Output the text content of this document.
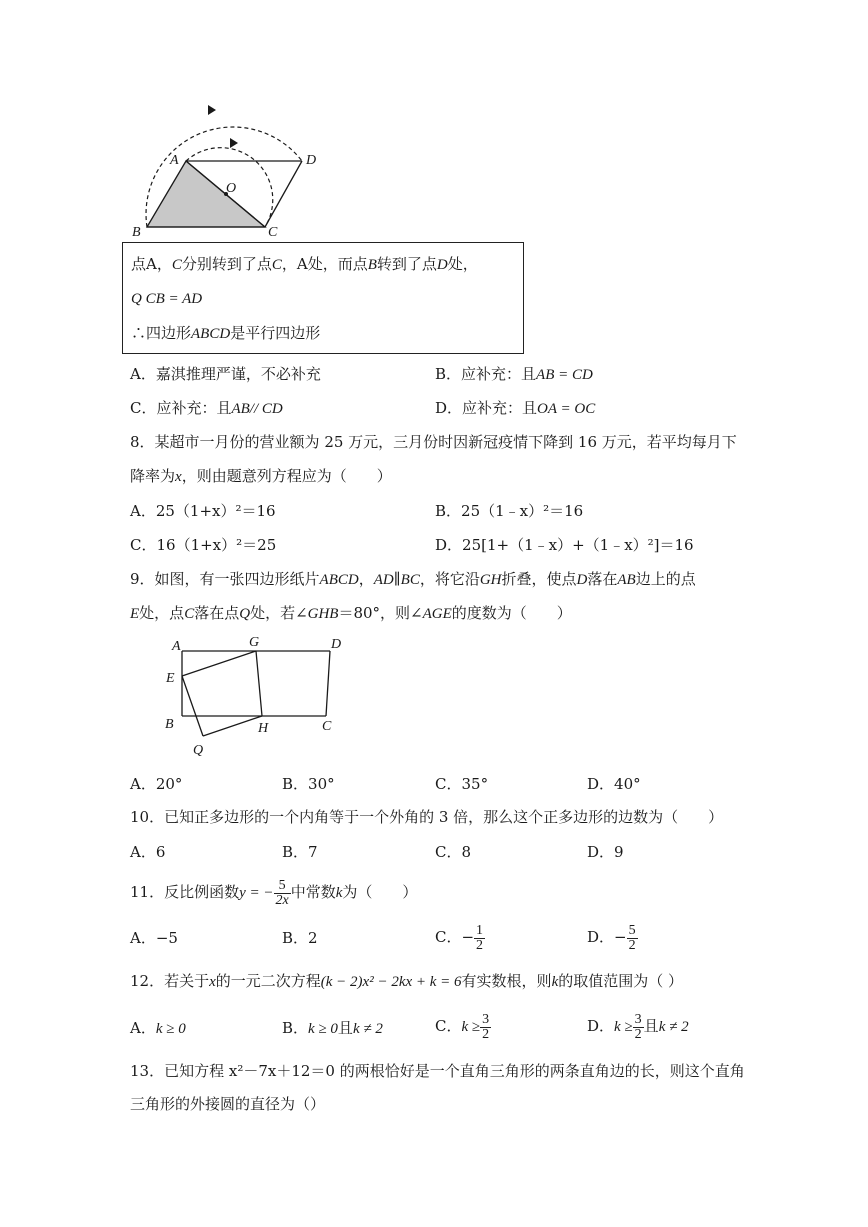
A
O
D
B	C
点A，C分别转到了点C，A处，而点B转到了点D处，
Q CB = AD
∴四边形ABCD是平行四边形
A．嘉淇推理严谨，不必补充	B．应补充：且AB = CD
C．应补充：且AB// CD	D．应补充：且OA = OC
8．某超市一月份的营业额为 25 万元，三月份时因新冠疫情下降到 16 万元，若平均每月下
降率为x，则由题意列方程应为（　　）
A．25（1+x）²＝16	B．25（1﹣x）²＝16
C．16（1+x）²＝25	D．25[1+（1﹣x）+（1﹣x）²]＝16
9．如图，有一张四边形纸片ABCD，AD∥BC，将它沿GH折叠，使点D落在AB边上的点
E处，点C落在点Q处，若∠GHB＝80°，则∠AGE的度数为（　　）
A	G	D
E
B	H	C
Q
A．20°	B．30°	C．35°	D．40°
10．已知正多边形的一个内角等于一个外角的 3 倍，那么这个正多边形的边数为（　　）
A．6	B．7	C．8	D．9
11．反比例函数y = − $\frac{5}{2x}$ 中常数k为（　　）
A．−5	B．2	C．− $\frac{1}{2}$	D．− $\frac{5}{2}$
12．若关于x的一元二次方程(k − 2)x² − 2kx + k = 6有实数根，则k的取值范围为（ ）
A．k ≥ 0	B．k ≥ 0且k ≠ 2	C．$k \ge \frac{3}{2}$	D．$k \ge \frac{3}{2}$ 且k ≠ 2
13．已知方程 x²－7x＋12＝0 的两根恰好是一个直角三角形的两条直角边的长，则这个直角
三角形的外接圆的直径为（）
